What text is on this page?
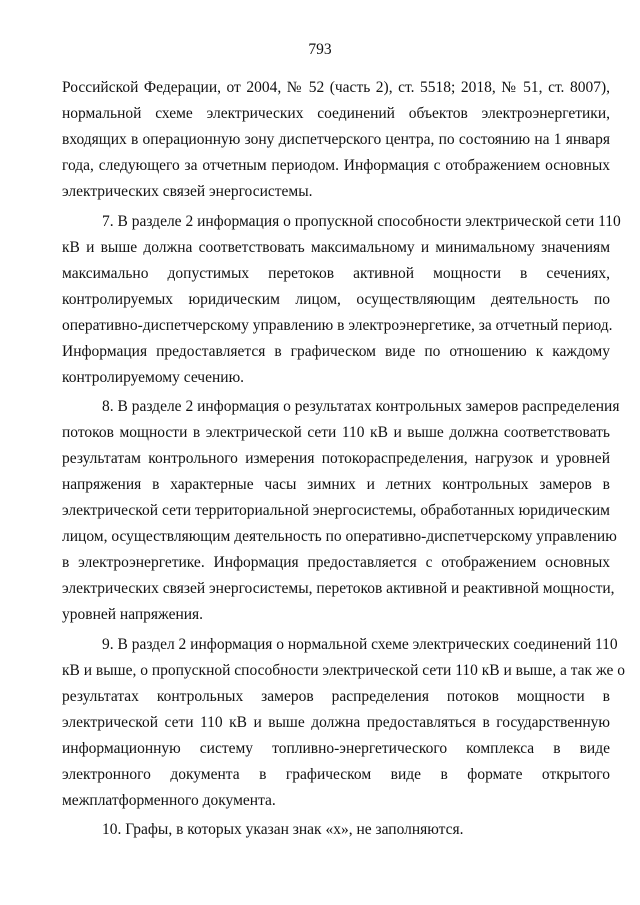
793
Российской Федерации, от 2004, № 52 (часть 2), ст. 5518; 2018, № 51, ст. 8007),
нормальной схеме электрических соединений объектов электроэнергетики,
входящих в операционную зону диспетчерского центра, по состоянию на 1 января
года, следующего за отчетным периодом. Информация с отображением основных
электрических связей энергосистемы.
7. В разделе 2 информация о пропускной способности электрической сети 110
кВ и выше должна соответствовать максимальному и минимальному значениям
максимально допустимых перетоков активной мощности в сечениях,
контролируемых юридическим лицом, осуществляющим деятельность по
оперативно-диспетчерскому управлению в электроэнергетике, за отчетный период.
Информация предоставляется в графическом виде по отношению к каждому
контролируемому сечению.
8. В разделе 2 информация о результатах контрольных замеров распределения
потоков мощности в электрической сети 110 кВ и выше должна соответствовать
результатам контрольного измерения потокораспределения, нагрузок и уровней
напряжения в характерные часы зимних и летних контрольных замеров в
электрической сети территориальной энергосистемы, обработанных юридическим
лицом, осуществляющим деятельность по оперативно-диспетчерскому управлению
в электроэнергетике. Информация предоставляется с отображением основных
электрических связей энергосистемы, перетоков активной и реактивной мощности,
уровней напряжения.
9. В раздел 2 информация о нормальной схеме электрических соединений 110
кВ и выше, о пропускной способности электрической сети 110 кВ и выше, а так же о
результатах контрольных замеров распределения потоков мощности в
электрической сети 110 кВ и выше должна предоставляться в государственную
информационную систему топливно-энергетического комплекса в виде
электронного документа в графическом виде в формате открытого
межплатформенного документа.
10. Графы, в которых указан знак «х», не заполняются.
